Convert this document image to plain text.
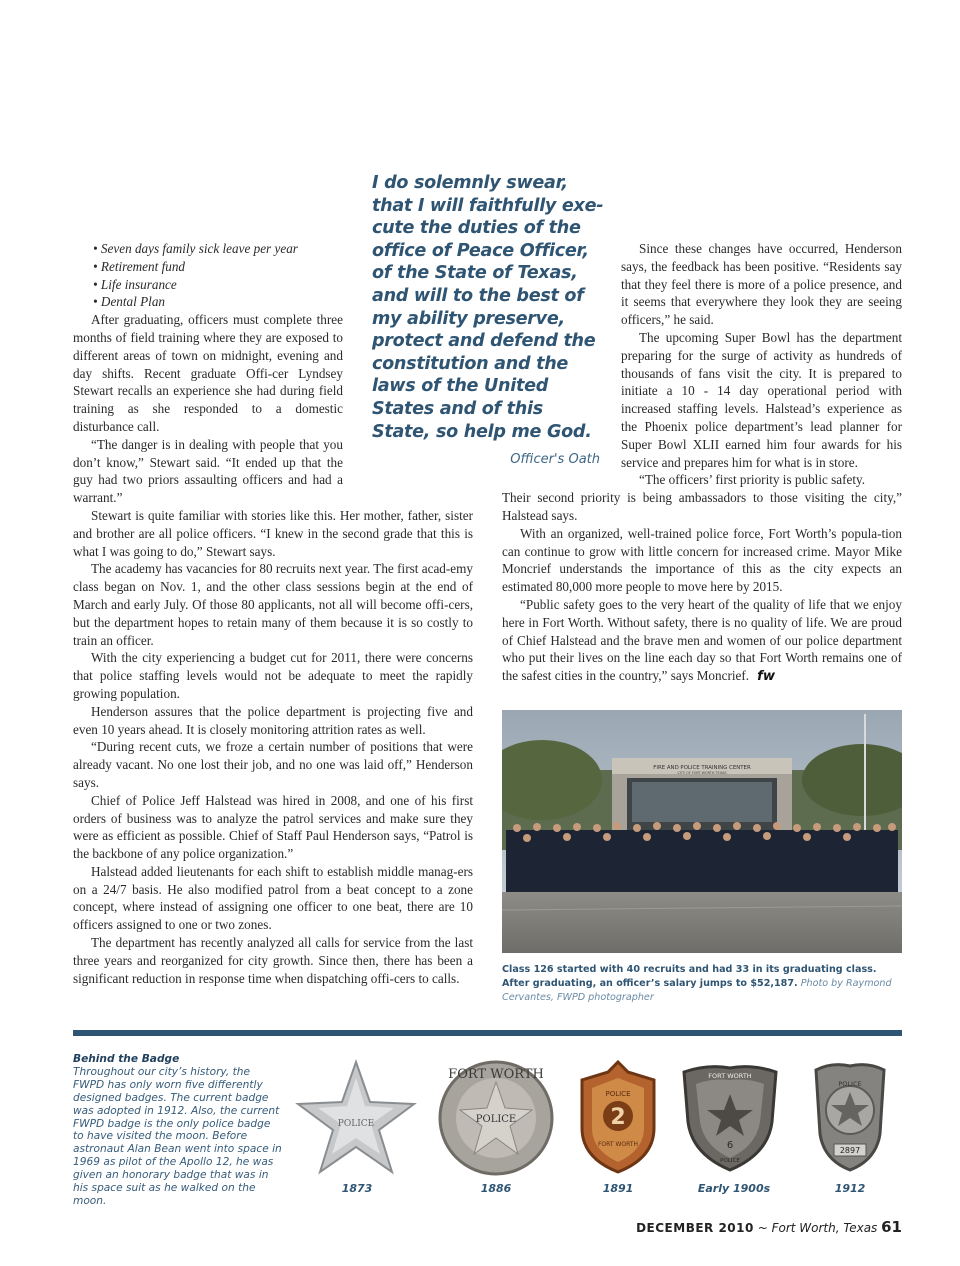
I do solemnly swear, that I will faithfully exe-cute the duties of the office of Peace Officer, of the State of Texas, and will to the best of my ability preserve, protect and defend the constitution and the laws of the United States and of this State, so help me God.
Officer's Oath
• Seven days family sick leave per year
• Retirement fund
• Life insurance
• Dental Plan

After graduating, officers must complete three months of field training where they are exposed to different areas of town on midnight, evening and day shifts. Recent graduate Offi-cer Lyndsey Stewart recalls an experience she had during field training as she responded to a domestic disturbance call.

“The danger is in dealing with people that you don’t know,” Stewart said. “It ended up that the guy had two priors assaulting officers and had a warrant.”

Stewart is quite familiar with stories like this. Her mother, father, sister and brother are all police officers. “I knew in the second grade that this is what I was going to do,” Stewart says.

The academy has vacancies for 80 recruits next year. The first acad-emy class began on Nov. 1, and the other class sessions begin at the end of March and early July. Of those 80 applicants, not all will become offi-cers, but the department hopes to retain many of them because it is so costly to train an officer.

With the city experiencing a budget cut for 2011, there were concerns that police staffing levels would not be adequate to meet the rapidly growing population.

Henderson assures that the police department is projecting five and even 10 years ahead. It is closely monitoring attrition rates as well.

“During recent cuts, we froze a certain number of positions that were already vacant. No one lost their job, and no one was laid off,” Henderson says.

Chief of Police Jeff Halstead was hired in 2008, and one of his first orders of business was to analyze the patrol services and make sure they were as efficient as possible. Chief of Staff Paul Henderson says, “Patrol is the backbone of any police organization.”

Halstead added lieutenants for each shift to establish middle manag-ers on a 24/7 basis. He also modified patrol from a beat concept to a zone concept, where instead of assigning one officer to one beat, there are 10 officers assigned to one or two zones.

The department has recently analyzed all calls for service from the last three years and reorganized for city growth. Since then, there has been a significant reduction in response time when dispatching offi-cers to calls.

Since these changes have occurred, Henderson says, the feedback has been positive. “Residents say that they feel there is more of a police presence, and it seems that everywhere they look they are seeing officers,” he said.

The upcoming Super Bowl has the department preparing for the surge of activity as hundreds of thousands of fans visit the city. It is prepared to initiate a 10 - 14 day operational period with increased staffing levels. Halstead’s experience as the Phoenix police department’s lead planner for Super Bowl XLII earned him four awards for his service and prepares him for what is in store.

“The officers’ first priority is public safety.

Their second priority is being ambassadors to those visiting the city,” Halstead says.

With an organized, well-trained police force, Fort Worth’s popula-tion can continue to grow with little concern for increased crime. Mayor Mike Moncrief understands the importance of this as the city expects an estimated 80,000 more people to move here by 2015.

“Public safety goes to the very heart of the quality of life that we enjoy here in Fort Worth. Without safety, there is no quality of life. We are proud of Chief Halstead and the brave men and women of our police department who put their lives on the line each day so that Fort Worth remains one of the safest cities in the country,” says Moncrief. fw

FIRE AND POLICE TRAINING CENTER
CITY OF FORT WORTH TEXAS
Class 126 started with 40 recruits and had 33 in its graduating class. After graduating, an officer’s salary jumps to $52,187. Photo by Raymond Cervantes, FWPD photographer
Behind the Badge
Throughout our city’s history, the FWPD has only worn five differently designed badges. The current badge was adopted in 1912. Also, the current FWPD badge is the only police badge to have visited the moon. Before astronaut Alan Bean went into space in 1969 as pilot of the Apollo 12, he was given an honorary badge that was in his space suit as he walked on the moon.
POLICE	POLICE
FORT WORTH
2
POLICE
FORT WORTH	6
FORT WORTH
POLICE
POLICE
2897
1873	1886	1891	Early 1900s	1912
DECEMBER 2010 ~ Fort Worth, Texas 61
